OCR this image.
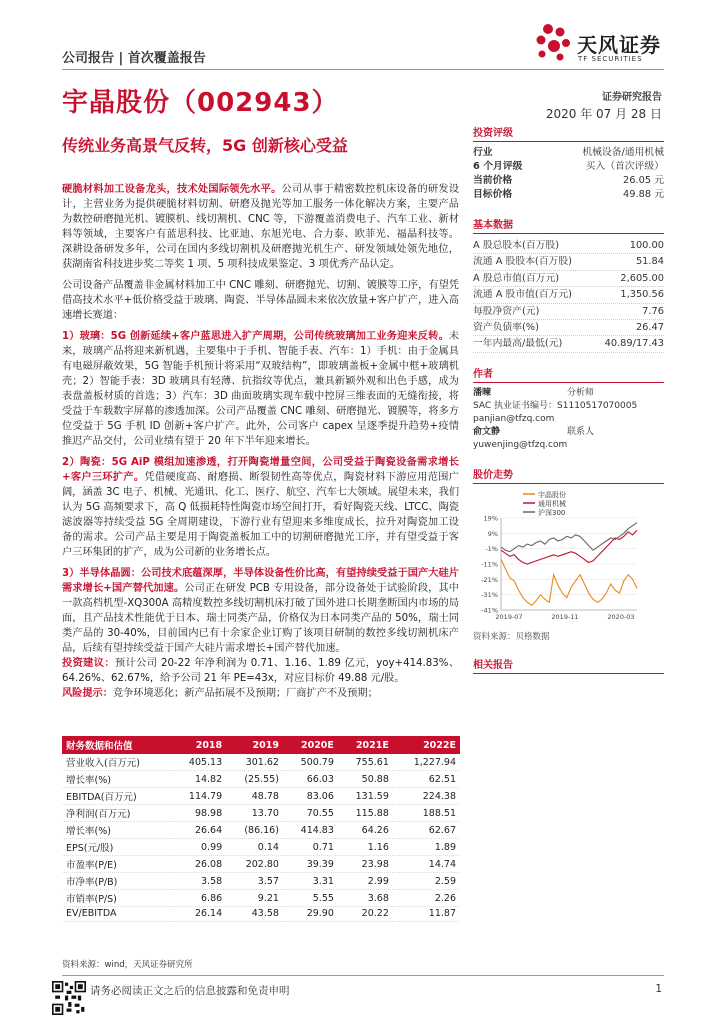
公司报告 | 首次覆盖报告
天风证券
TF SECURITIES
宇晶股份（002943）	证券研究报告
2020 年 07 月 28 日
传统业务高景气反转，5G 创新核心受益

硬脆材料加工设备龙头，技术处国际领先水平。公司从事于精密数控机床设备的研发设计，主营业务为提供硬脆材料切割、研磨及抛光等加工服务一体化解决方案，主要产品为数控研磨抛光机、镀膜机、线切割机、CNC 等，下游覆盖消费电子、汽车工业、新材料等领域，主要客户有蓝思科技、比亚迪、东旭光电、合力泰、欧菲光、福晶科技等。深耕设备研发多年，公司在国内多线切割机及研磨抛光机生产、研发领域处领先地位，获湖南省科技进步奖二等奖 1 项、5 项科技成果鉴定、3 项优秀产品认定。

公司设备产品覆盖非金属材料加工中 CNC 雕刻、研磨抛光、切割、镀膜等工序，有望凭借高技术水平+低价格受益于玻璃、陶瓷、半导体晶圆未来依次放量+客户扩产，进入高速增长赛道：

1）玻璃：5G 创新延续+客户蓝思进入扩产周期，公司传统玻璃加工业务迎来反转。未来，玻璃产品将迎来新机遇，主要集中于手机、智能手表、汽车：1）手机：由于金属具有电磁屏蔽效果，5G 智能手机预计将采用“双玻结构”，即玻璃盖板+金属中框+玻璃机壳；2）智能手表：3D 玻璃具有轻薄、抗指纹等优点，兼具新颖外观和出色手感，成为表盘盖板材质的首选；3）汽车：3D 曲面玻璃实现车载中控屏三维表面的无缝衔接，将受益于车载数字屏幕的渗透加深。公司产品覆盖 CNC 雕刻、研磨抛光、镀膜等，将多方位受益于 5G 手机 ID 创新+客户扩产。此外，公司客户 capex 呈逐季提升趋势+疫情推迟产品交付，公司业绩有望于 20 年下半年迎来增长。

2）陶瓷：5G AiP 模组加速渗透，打开陶瓷增量空间，公司受益于陶瓷设备需求增长+客户三环扩产。凭借硬度高、耐磨损、断裂韧性高等优点，陶瓷材料下游应用范围广阔，涵盖 3C 电子、机械、光通讯、化工、医疗、航空、汽车七大领域。展望未来，我们认为 5G 高频要求下，高 Q 低损耗特性陶瓷市场空间打开，看好陶瓷天线、LTCC、陶瓷滤波器等持续受益 5G 全周期建设，下游行业有望迎来多维度成长，拉升对陶瓷加工设备的需求。公司产品主要是用于陶瓷盖板加工中的切割研磨抛光工序，并有望受益于客户三环集团的扩产，成为公司新的业务增长点。

3）半导体晶圆：公司技术底蕴深厚，半导体设备性价比高，有望持续受益于国产大硅片需求增长+国产替代加速。公司正在研发 PCB 专用设备，部分设备处于试验阶段，其中一款高档机型-XQ300A 高精度数控多线切割机床打破了国外进口长期垄断国内市场的局面，且产品技术性能优于日本、瑞士同类产品，价格仅为日本同类产品的 50%，瑞士同类产品的 30-40%，目前国内已有十余家企业订购了该项目研制的数控多线切割机床产品，后续有望持续受益于国产大硅片需求增长+国产替代加速。

投资建议：预计公司 20-22 年净利润为 0.71、1.16、1.89 亿元，yoy+414.83%、64.26%、62.67%，给予公司 21 年 PE=43x，对应目标价 49.88 元/股。

风险提示：竞争环境恶化；新产品拓展不及预期；厂商扩产不及预期；

投资评级
行业	机械设备/通用机械
6 个月评级	买入（首次评级）
当前价格	26.05 元
目标价格	49.88 元
基本数据
A 股总股本(百万股)	100.00
流通 A 股股本(百万股)	51.84
A 股总市值(百万元)	2,605.00
流通 A 股市值(百万元)	1,350.56
每股净资产(元)	7.76
资产负债率(%)	26.47
一年内最高/最低(元)	40.89/17.43
作者
潘暕	分析师
SAC 执业证书编号：S1110517070005
panjian@tfzq.com
俞文静	联系人
yuwenjing@tfzq.com
股价走势
宇晶股份
通用机械
沪深300
19%
9%
-1%
-11%
-21%
-31%
-41%
2019-07	2019-11	2020-03
资料来源：贝格数据
相关报告
财务数据和估值	2018	2019	2020E	2021E	2022E
营业收入(百万元)	405.13	301.62	500.79	755.61	1,227.94
增长率(%)	14.82	(25.55)	66.03	50.88	62.51
EBITDA(百万元)	114.79	48.78	83.06	131.59	224.38
净利润(百万元)	98.98	13.70	70.55	115.88	188.51
增长率(%)	26.64	(86.16)	414.83	64.26	62.67
EPS(元/股)	0.99	0.14	0.71	1.16	1.89
市盈率(P/E)	26.08	202.80	39.39	23.98	14.74
市净率(P/B)	3.58	3.57	3.31	2.99	2.59
市销率(P/S)	6.86	9.21	5.55	3.68	2.26
EV/EBITDA	26.14	43.58	29.90	20.22	11.87
资料来源：wind，天风证券研究所
请务必阅读正文之后的信息披露和免责申明	1
